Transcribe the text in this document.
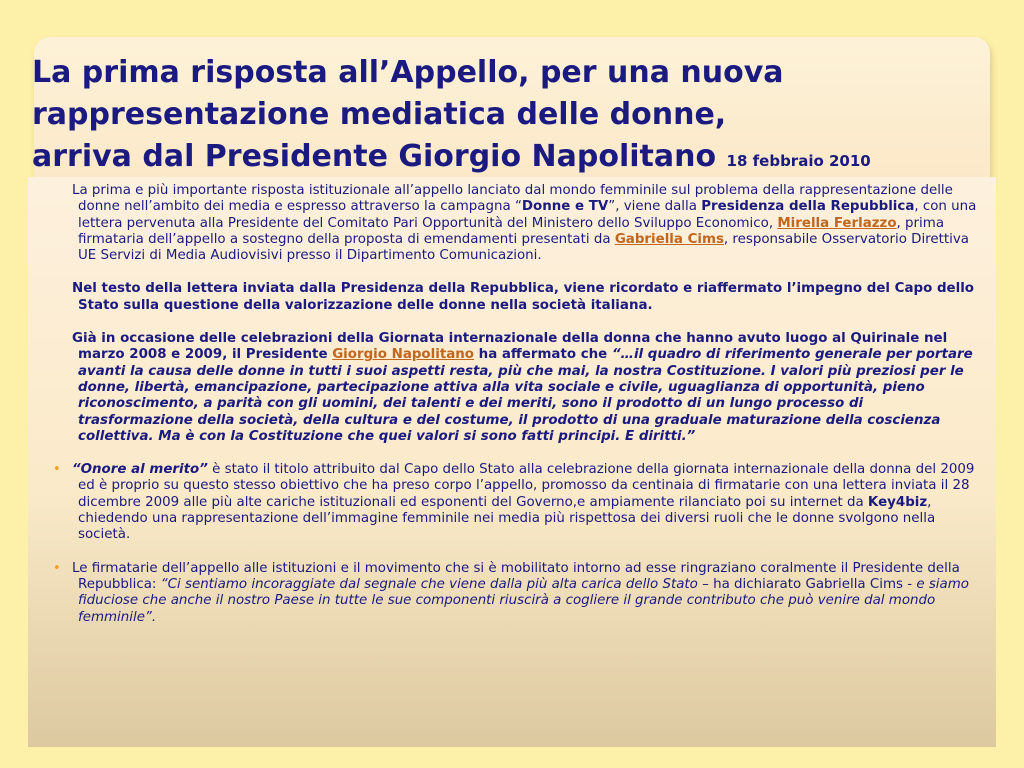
La prima risposta all’Appello, per una nuova
rappresentazione mediatica delle donne,
arriva dal Presidente Giorgio Napolitano 18 febbraio 2010

La prima e più importante risposta istituzionale all’appello lanciato dal mondo femminile sul problema della rappresentazione delle donne nell’ambito dei media e espresso attraverso la campagna “Donne e TV”, viene dalla Presidenza della Repubblica, con una lettera pervenuta alla Presidente del Comitato Pari Opportunità del Ministero dello Sviluppo Economico, Mirella Ferlazzo, prima firmataria dell’appello a sostegno della proposta di emendamenti presentati da Gabriella Cims, responsabile Osservatorio Direttiva UE Servizi di Media Audiovisivi presso il Dipartimento Comunicazioni.

Nel testo della lettera inviata dalla Presidenza della Repubblica, viene ricordato e riaffermato l’impegno del Capo dello Stato sulla questione della valorizzazione delle donne nella società italiana.

Già in occasione delle celebrazioni della Giornata internazionale della donna che hanno avuto luogo al Quirinale nel marzo 2008 e 2009, il Presidente Giorgio Napolitano ha affermato che “…il quadro di riferimento generale per portare avanti la causa delle donne in tutti i suoi aspetti resta, più che mai, la nostra Costituzione. I valori più preziosi per le donne, libertà, emancipazione, partecipazione attiva alla vita sociale e civile, uguaglianza di opportunità, pieno riconoscimento, a parità con gli uomini, dei talenti e dei meriti, sono il prodotto di un lungo processo di trasformazione della società, della cultura e del costume, il prodotto di una graduale maturazione della coscienza collettiva. Ma è con la Costituzione che quei valori si sono fatti principi. E diritti.”

• “Onore al merito” è stato il titolo attribuito dal Capo dello Stato alla celebrazione della giornata internazionale della donna del 2009 ed è proprio su questo stesso obiettivo che ha preso corpo l’appello, promosso da centinaia di firmatarie con una lettera inviata il 28 dicembre 2009 alle più alte cariche istituzionali ed esponenti del Governo,e ampiamente rilanciato poi su internet da Key4biz, chiedendo una rappresentazione dell’immagine femminile nei media più rispettosa dei diversi ruoli che le donne svolgono nella società.

• Le firmatarie dell’appello alle istituzioni e il movimento che si è mobilitato intorno ad esse ringraziano coralmente il Presidente della Repubblica: “Ci sentiamo incoraggiate dal segnale che viene dalla più alta carica dello Stato – ha dichiarato Gabriella Cims - e siamo fiduciose che anche il nostro Paese in tutte le sue componenti riuscirà a cogliere il grande contributo che può venire dal mondo femminile”.
